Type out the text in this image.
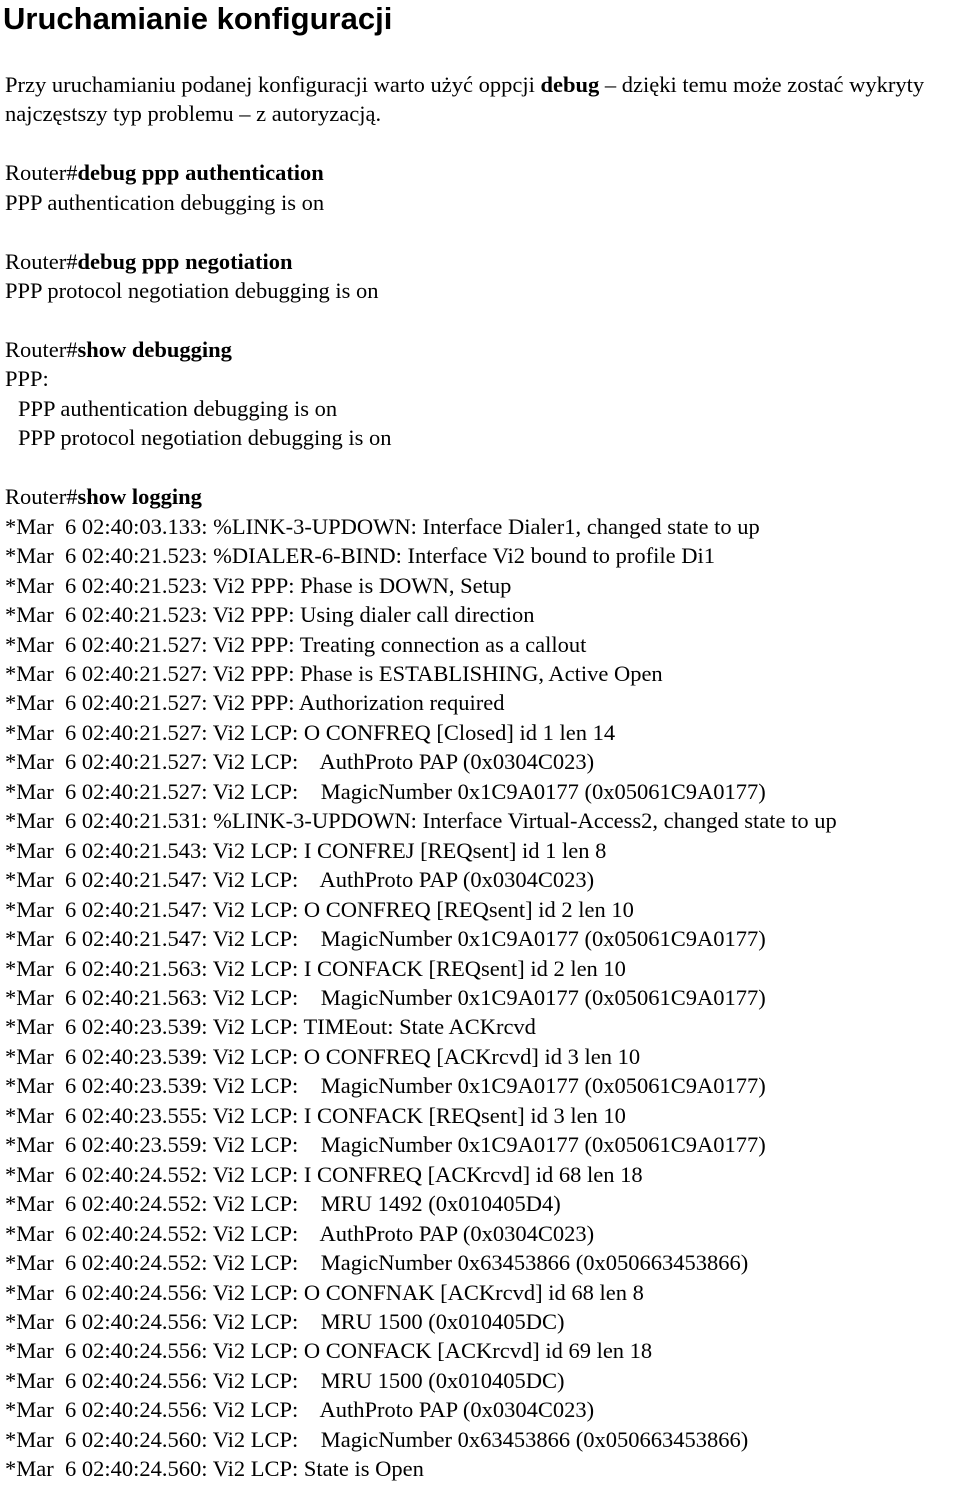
Uruchamianie konfiguracji

Przy uruchamianiu podanej konfiguracji warto użyć oppcji debug – dzięki temu może zostać wykryty najczęstszy typ problemu – z autoryzacją.

Router#debug ppp authentication
PPP authentication debugging is on
Router#debug ppp negotiation
PPP protocol negotiation debugging is on
Router#show debugging
PPP:
PPP authentication debugging is on
PPP protocol negotiation debugging is on
Router#show logging
*Mar  6 02:40:03.133: %LINK-3-UPDOWN: Interface Dialer1, changed state to up
*Mar  6 02:40:21.523: %DIALER-6-BIND: Interface Vi2 bound to profile Di1
*Mar  6 02:40:21.523: Vi2 PPP: Phase is DOWN, Setup
*Mar  6 02:40:21.523: Vi2 PPP: Using dialer call direction
*Mar  6 02:40:21.527: Vi2 PPP: Treating connection as a callout
*Mar  6 02:40:21.527: Vi2 PPP: Phase is ESTABLISHING, Active Open
*Mar  6 02:40:21.527: Vi2 PPP: Authorization required
*Mar  6 02:40:21.527: Vi2 LCP: O CONFREQ [Closed] id 1 len 14
*Mar  6 02:40:21.527: Vi2 LCP:    AuthProto PAP (0x0304C023)
*Mar  6 02:40:21.527: Vi2 LCP:    MagicNumber 0x1C9A0177 (0x05061C9A0177)
*Mar  6 02:40:21.531: %LINK-3-UPDOWN: Interface Virtual-Access2, changed state to up
*Mar  6 02:40:21.543: Vi2 LCP: I CONFREJ [REQsent] id 1 len 8
*Mar  6 02:40:21.547: Vi2 LCP:    AuthProto PAP (0x0304C023)
*Mar  6 02:40:21.547: Vi2 LCP: O CONFREQ [REQsent] id 2 len 10
*Mar  6 02:40:21.547: Vi2 LCP:    MagicNumber 0x1C9A0177 (0x05061C9A0177)
*Mar  6 02:40:21.563: Vi2 LCP: I CONFACK [REQsent] id 2 len 10
*Mar  6 02:40:21.563: Vi2 LCP:    MagicNumber 0x1C9A0177 (0x05061C9A0177)
*Mar  6 02:40:23.539: Vi2 LCP: TIMEout: State ACKrcvd
*Mar  6 02:40:23.539: Vi2 LCP: O CONFREQ [ACKrcvd] id 3 len 10
*Mar  6 02:40:23.539: Vi2 LCP:    MagicNumber 0x1C9A0177 (0x05061C9A0177)
*Mar  6 02:40:23.555: Vi2 LCP: I CONFACK [REQsent] id 3 len 10
*Mar  6 02:40:23.559: Vi2 LCP:    MagicNumber 0x1C9A0177 (0x05061C9A0177)
*Mar  6 02:40:24.552: Vi2 LCP: I CONFREQ [ACKrcvd] id 68 len 18
*Mar  6 02:40:24.552: Vi2 LCP:    MRU 1492 (0x010405D4)
*Mar  6 02:40:24.552: Vi2 LCP:    AuthProto PAP (0x0304C023)
*Mar  6 02:40:24.552: Vi2 LCP:    MagicNumber 0x63453866 (0x050663453866)
*Mar  6 02:40:24.556: Vi2 LCP: O CONFNAK [ACKrcvd] id 68 len 8
*Mar  6 02:40:24.556: Vi2 LCP:    MRU 1500 (0x010405DC)
*Mar  6 02:40:24.556: Vi2 LCP: O CONFACK [ACKrcvd] id 69 len 18
*Mar  6 02:40:24.556: Vi2 LCP:    MRU 1500 (0x010405DC)
*Mar  6 02:40:24.556: Vi2 LCP:    AuthProto PAP (0x0304C023)
*Mar  6 02:40:24.560: Vi2 LCP:    MagicNumber 0x63453866 (0x050663453866)
*Mar  6 02:40:24.560: Vi2 LCP: State is Open
